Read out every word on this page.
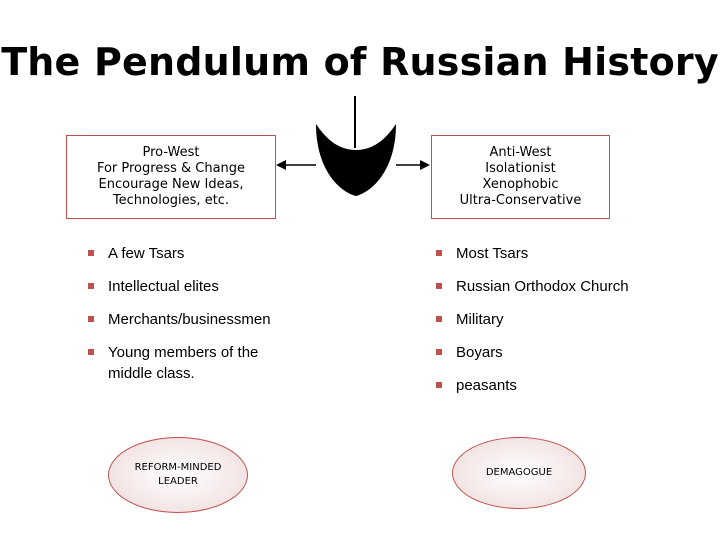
The Pendulum of Russian History
Pro-West
For Progress & Change
Encourage New Ideas,
Technologies, etc.
Anti-West
Isolationist
Xenophobic
Ultra-Conservative
A few Tsars
Intellectual elites
Merchants/businessmen
Young members of the middle class.
Most Tsars
Russian Orthodox Church
Military
Boyars
peasants
REFORM-MINDED LEADER
DEMAGOGUE
